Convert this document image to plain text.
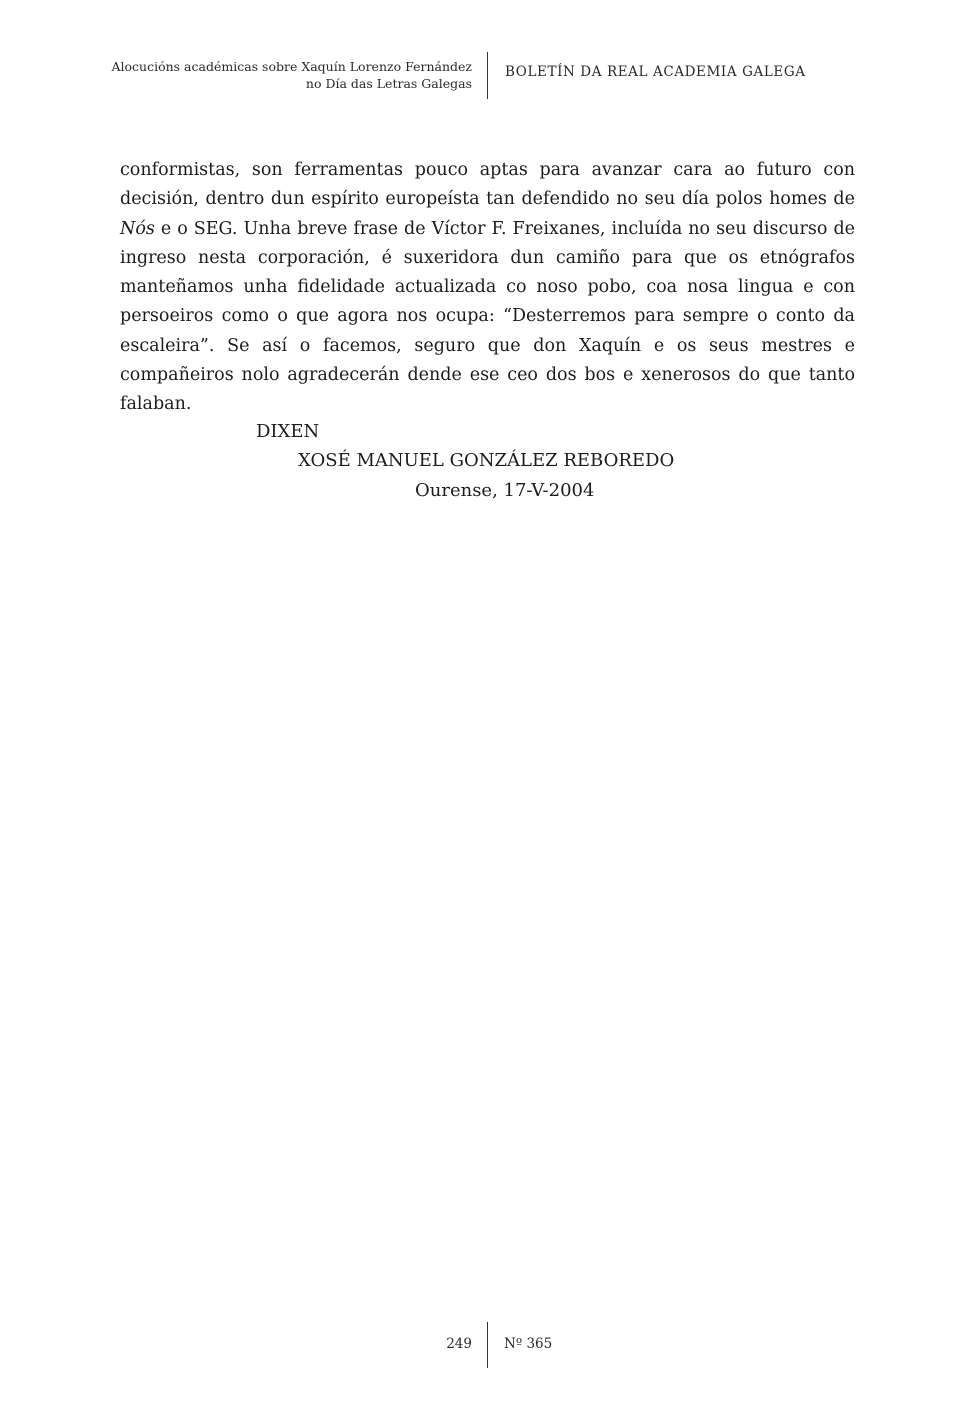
Alocucións académicas sobre Xaquín Lorenzo Fernández
no Día das Letras Galegas
BOLETÍN DA REAL ACADEMIA GALEGA

conformistas, son ferramentas pouco aptas para avanzar cara ao futuro con decisión, dentro dun espírito europeísta tan defendido no seu día polos homes de Nós e o SEG. Unha breve frase de Víctor F. Freixanes, incluída no seu discurso de ingreso nesta corporación, é suxeridora dun camiño para que os etnógrafos manteñamos unha fidelidade actualizada co noso pobo, coa nosa lingua e con persoeiros como o que agora nos ocupa: “Desterremos para sempre o conto da escaleira”. Se así o facemos, seguro que don Xaquín e os seus mestres e compañeiros nolo agradecerán dende ese ceo dos bos e xenerosos do que tanto falaban.

DIXEN
XOSÉ MANUEL GONZÁLEZ REBOREDO
Ourense, 17-V-2004
249 Nº 365
